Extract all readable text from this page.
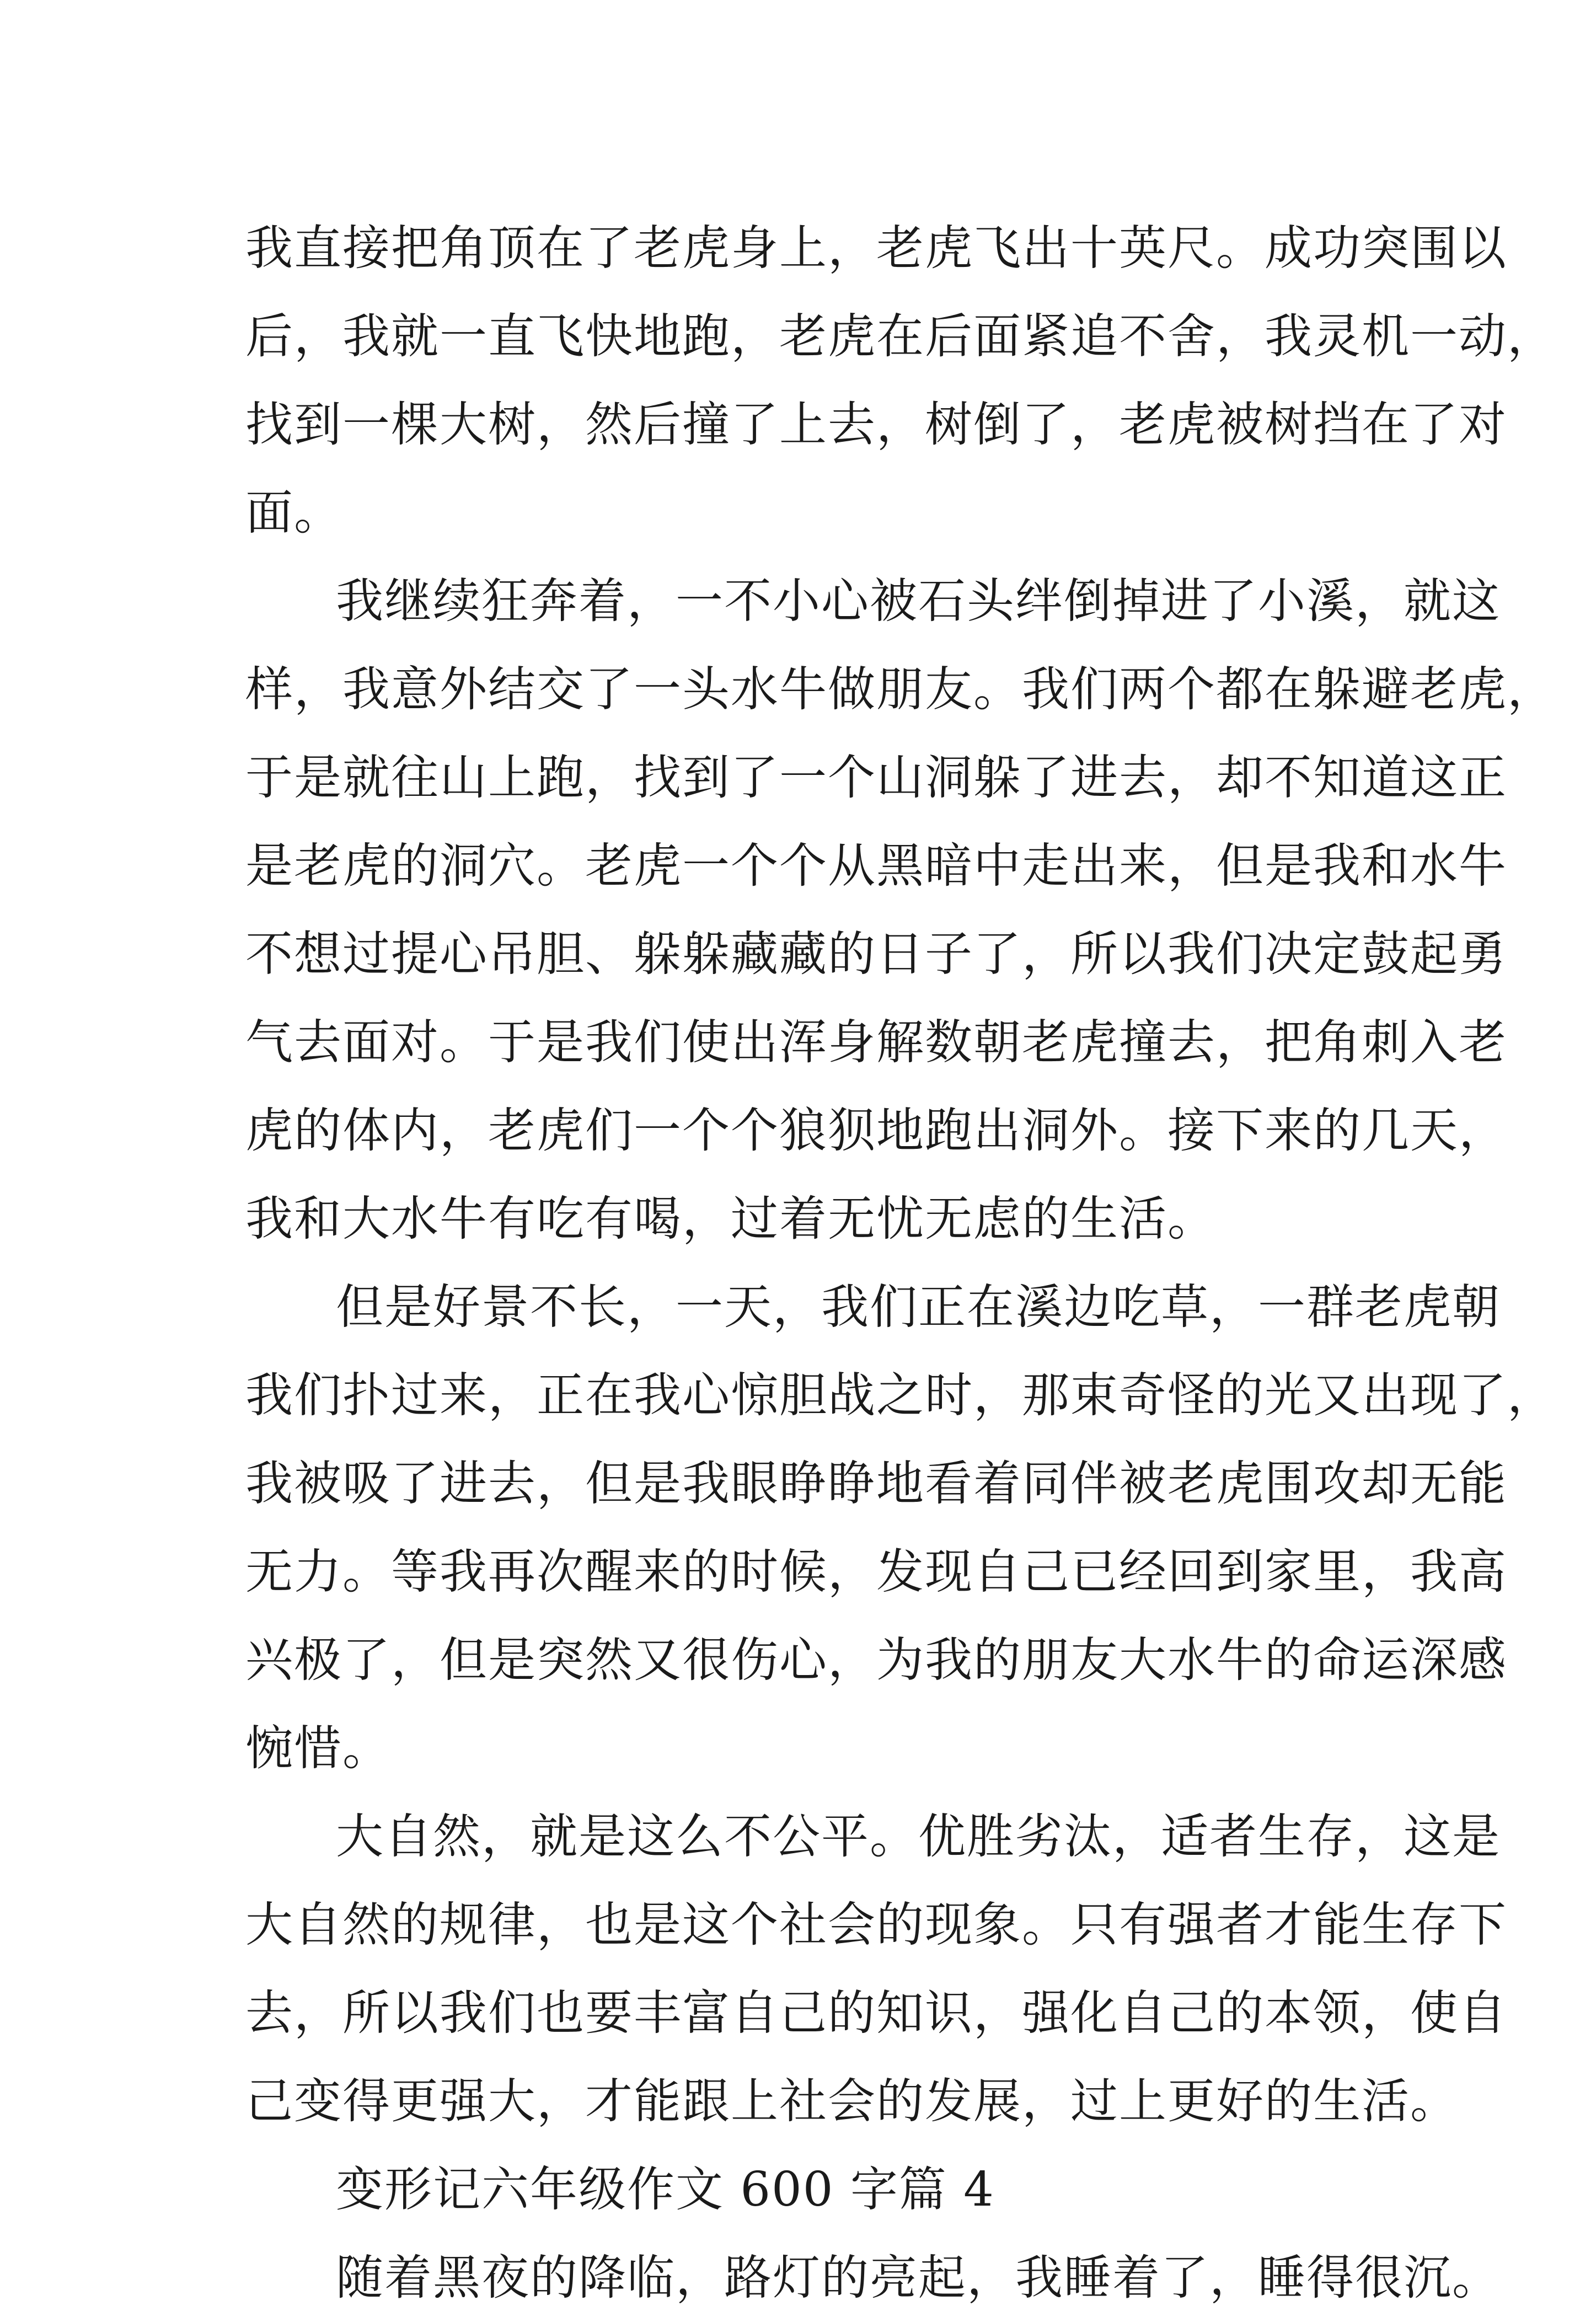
我直接把角顶在了老虎身上，老虎飞出十英尺。成功突围以
后，我就一直飞快地跑，老虎在后面紧追不舍，我灵机一动，
找到一棵大树，然后撞了上去，树倒了，老虎被树挡在了对
面。
我继续狂奔着，一不小心被石头绊倒掉进了小溪，就这
样，我意外结交了一头水牛做朋友。我们两个都在躲避老虎，
于是就往山上跑，找到了一个山洞躲了进去，却不知道这正
是老虎的洞穴。老虎一个个从黑暗中走出来，但是我和水牛
不想过提心吊胆、躲躲藏藏的日子了，所以我们决定鼓起勇
气去面对。于是我们使出浑身解数朝老虎撞去，把角刺入老
虎的体内，老虎们一个个狼狈地跑出洞外。接下来的几天，
我和大水牛有吃有喝，过着无忧无虑的生活。
但是好景不长，一天，我们正在溪边吃草，一群老虎朝
我们扑过来，正在我心惊胆战之时，那束奇怪的光又出现了，
我被吸了进去，但是我眼睁睁地看着同伴被老虎围攻却无能
无力。等我再次醒来的时候，发现自己已经回到家里，我高
兴极了，但是突然又很伤心，为我的朋友大水牛的命运深感
惋惜。
大自然，就是这么不公平。优胜劣汰，适者生存，这是
大自然的规律，也是这个社会的现象。只有强者才能生存下
去，所以我们也要丰富自己的知识，强化自己的本领，使自
己变得更强大，才能跟上社会的发展，过上更好的生活。
变形记六年级作文 600 字篇 4
随着黑夜的降临，路灯的亮起，我睡着了，睡得很沉。
